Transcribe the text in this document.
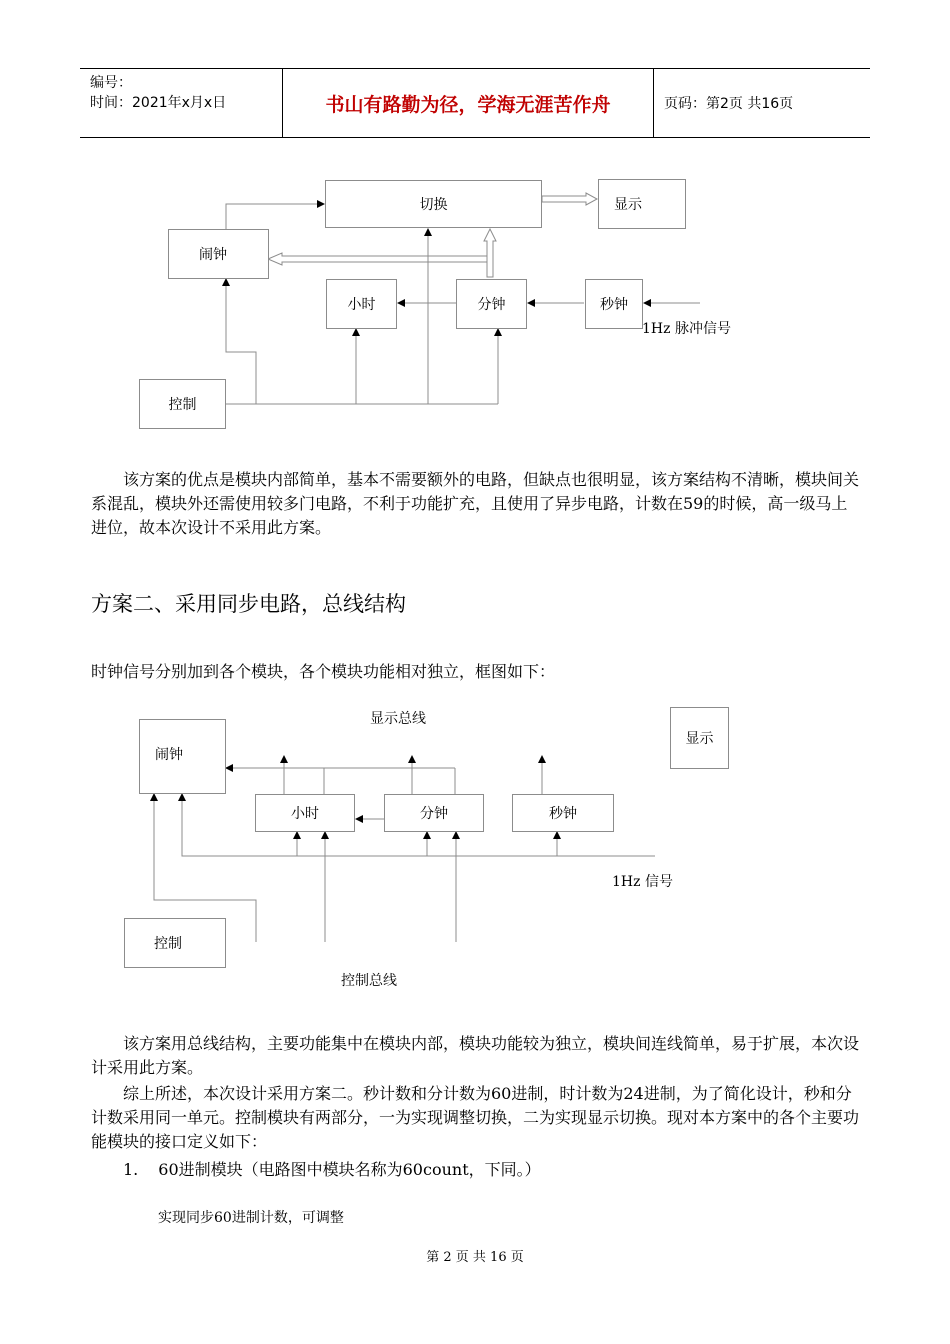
编号：
时间：2021年x月x日	书山有路勤为径，学海无涯苦作舟	页码：第2页 共16页
切换	显示
闹钟
小时	分钟	秒钟
控制
1Hz 脉冲信号
该方案的优点是模块内部简单，基本不需要额外的电路，但缺点也很明显，该方案结构不清晰，模块间关系混乱，模块外还需使用较多门电路，不利于功能扩充，且使用了异步电路，计数在59的时候，高一级马上进位，故本次设计不采用此方案。
方案二、采用同步电路，总线结构
时钟信号分别加到各个模块，各个模块功能相对独立，框图如下：
显示总线
闹钟
显示
小时	分钟	秒钟
1Hz 信号
控制
控制总线
该方案用总线结构，主要功能集中在模块内部，模块功能较为独立，模块间连线简单，易于扩展，本次设计采用此方案。
综上所述，本次设计采用方案二。秒计数和分计数为60进制，时计数为24进制，为了简化设计，秒和分计数采用同一单元。控制模块有两部分，一为实现调整切换，二为实现显示切换。现对本方案中的各个主要功能模块的接口定义如下：
1. 60进制模块（电路图中模块名称为60count，下同。）
实现同步60进制计数，可调整
第 2 页 共 16 页
